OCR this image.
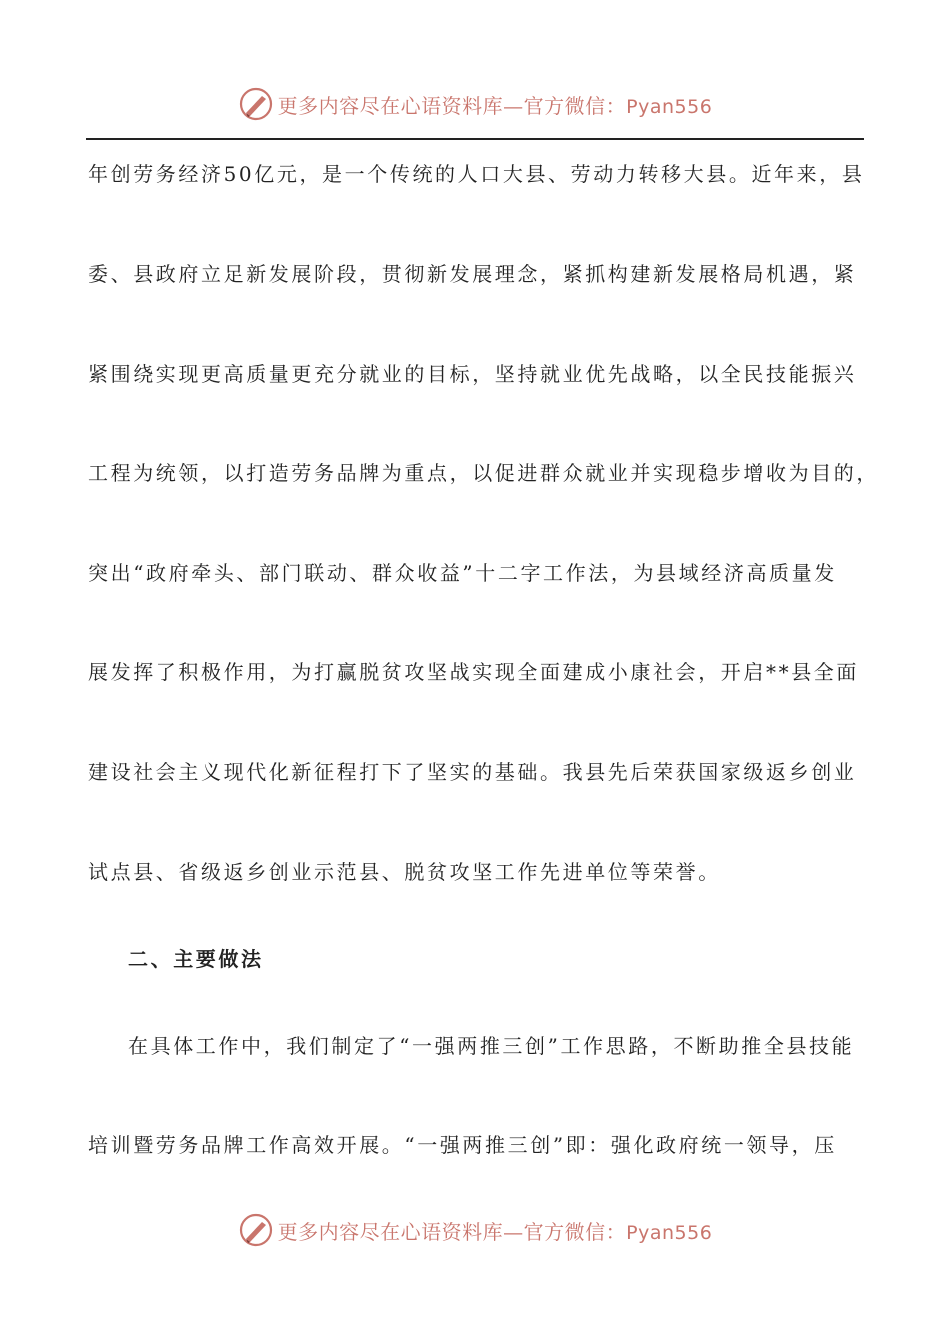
更多内容尽在心语资料库—官方微信：Pyan556

年创劳务经济50亿元，是一个传统的人口大县、劳动力转移大县。近年来，县

委、县政府立足新发展阶段，贯彻新发展理念，紧抓构建新发展格局机遇，紧

紧围绕实现更高质量更充分就业的目标，坚持就业优先战略，以全民技能振兴

工程为统领，以打造劳务品牌为重点，以促进群众就业并实现稳步增收为目的，

突出“政府牵头、部门联动、群众收益”十二字工作法，为县域经济高质量发

展发挥了积极作用，为打赢脱贫攻坚战实现全面建成小康社会，开启**县全面

建设社会主义现代化新征程打下了坚实的基础。我县先后荣获国家级返乡创业

试点县、省级返乡创业示范县、脱贫攻坚工作先进单位等荣誉。

二、主要做法

在具体工作中，我们制定了“一强两推三创”工作思路，不断助推全县技能

培训暨劳务品牌工作高效开展。“一强两推三创”即：强化政府统一领导，压

更多内容尽在心语资料库—官方微信：Pyan556
